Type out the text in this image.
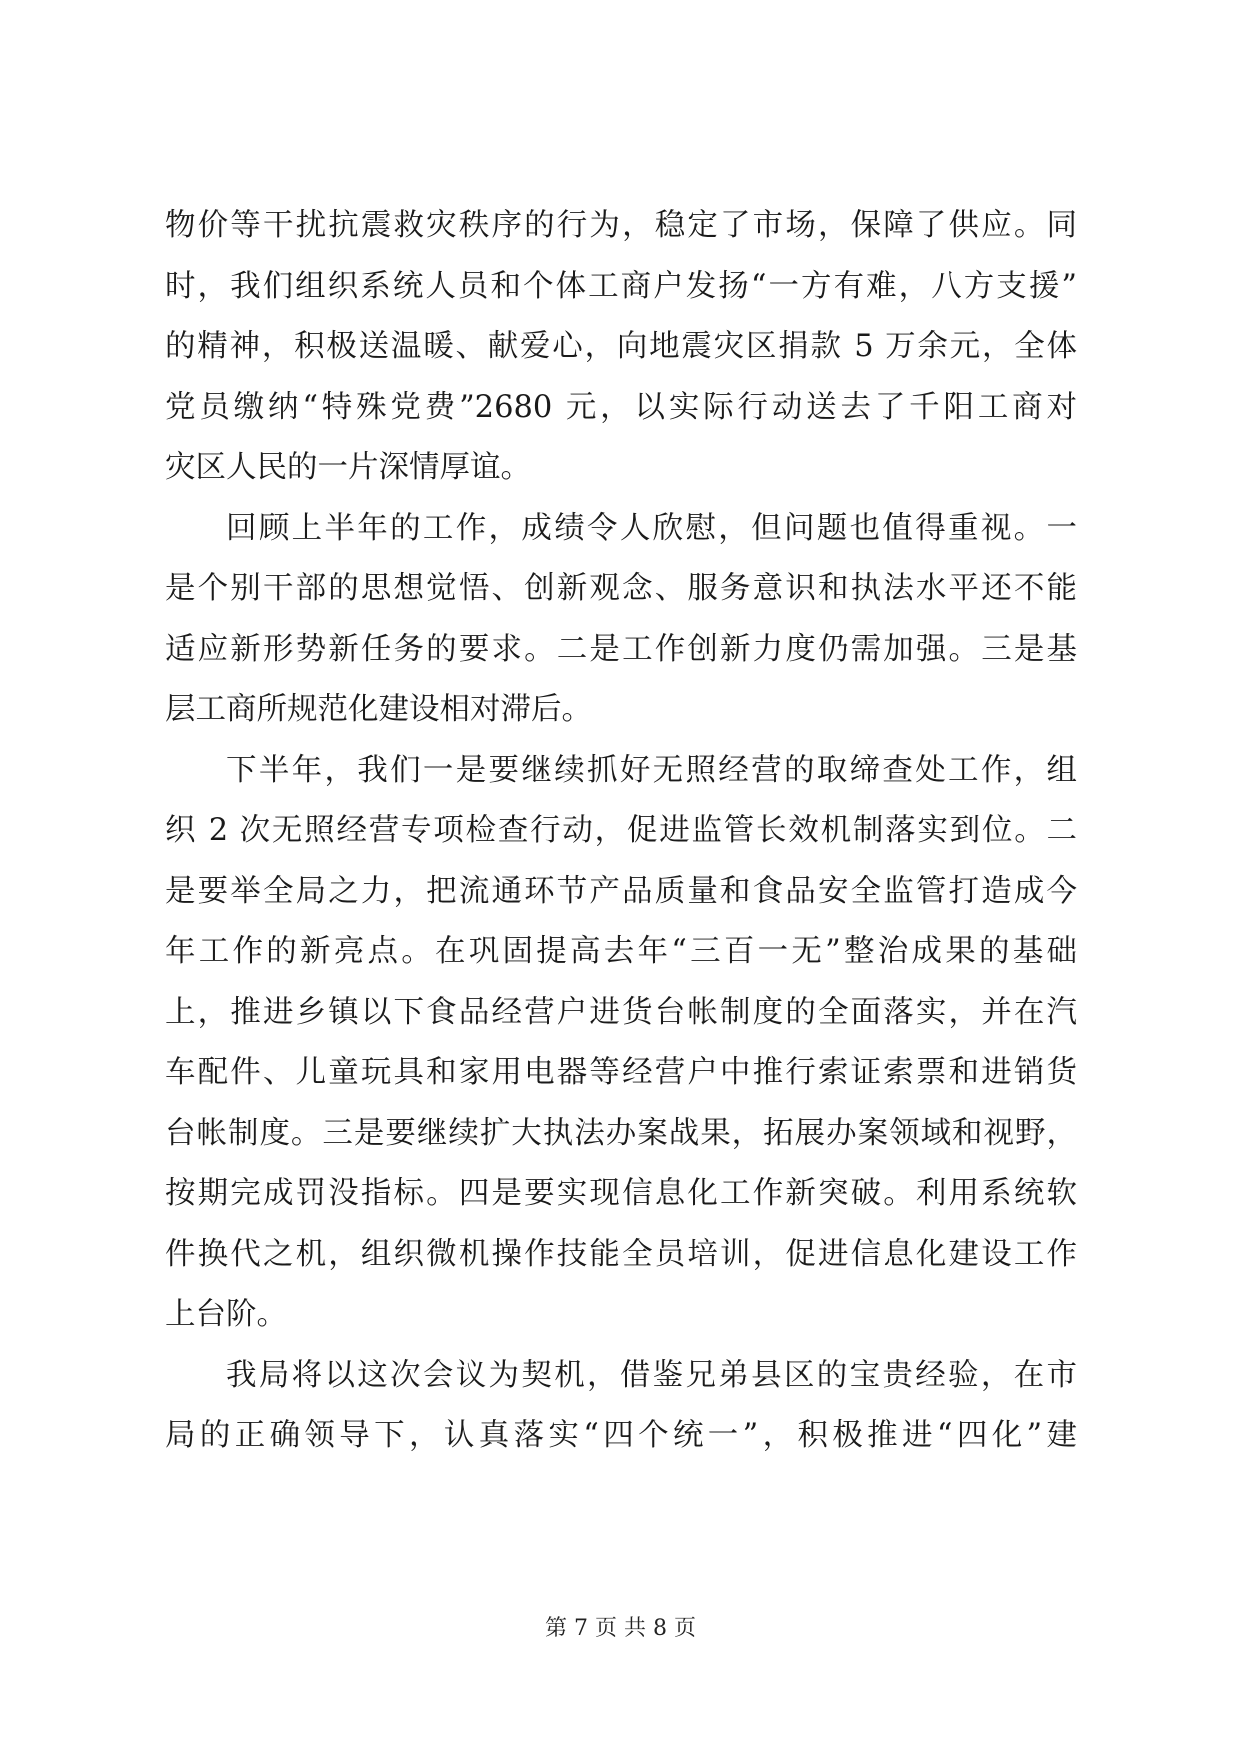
物价等干扰抗震救灾秩序的行为，稳定了市场，保障了供应。同
时，我们组织系统人员和个体工商户发扬“一方有难，八方支援”
的精神，积极送温暖、献爱心，向地震灾区捐款 5 万余元，全体
党员缴纳“特殊党费”2680 元，以实际行动送去了千阳工商对
灾区人民的一片深情厚谊。
回顾上半年的工作，成绩令人欣慰，但问题也值得重视。一
是个别干部的思想觉悟、创新观念、服务意识和执法水平还不能
适应新形势新任务的要求。二是工作创新力度仍需加强。三是基
层工商所规范化建设相对滞后。
下半年，我们一是要继续抓好无照经营的取缔查处工作，组
织 2 次无照经营专项检查行动，促进监管长效机制落实到位。二
是要举全局之力，把流通环节产品质量和食品安全监管打造成今
年工作的新亮点。在巩固提高去年“三百一无”整治成果的基础
上，推进乡镇以下食品经营户进货台帐制度的全面落实，并在汽
车配件、儿童玩具和家用电器等经营户中推行索证索票和进销货
台帐制度。三是要继续扩大执法办案战果，拓展办案领域和视野，
按期完成罚没指标。四是要实现信息化工作新突破。利用系统软
件换代之机，组织微机操作技能全员培训，促进信息化建设工作
上台阶。
我局将以这次会议为契机，借鉴兄弟县区的宝贵经验，在市
局的正确领导下，认真落实“四个统一”，积极推进“四化”建
第 7 页 共 8 页
